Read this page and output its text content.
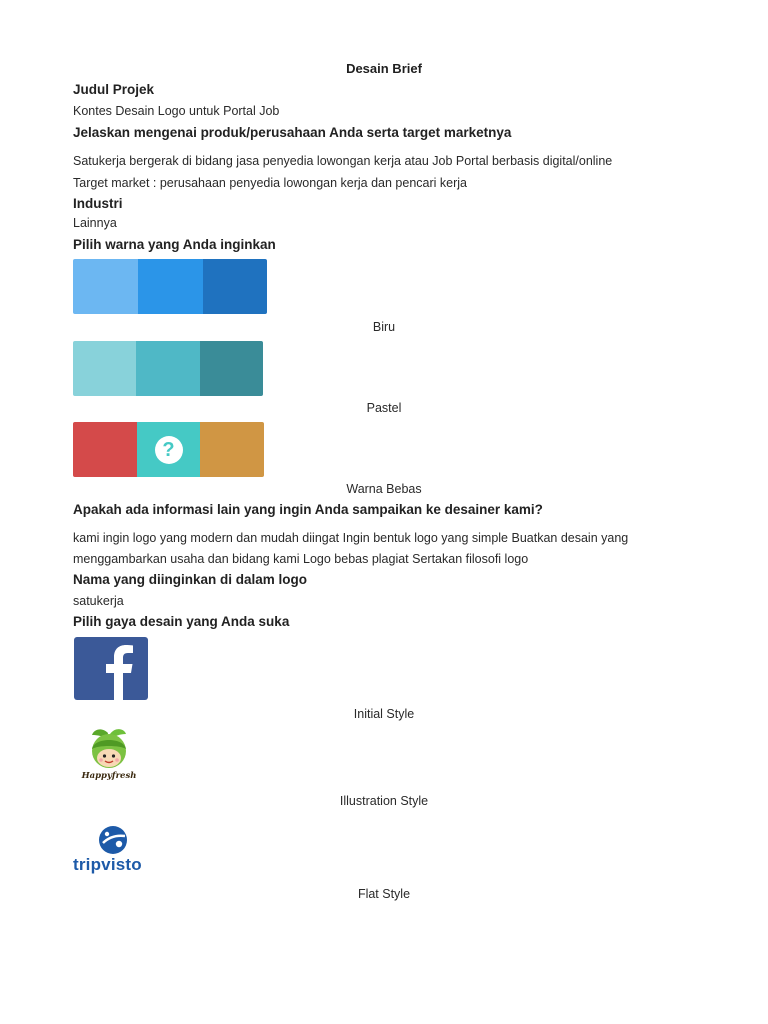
Desain Brief
Judul Projek
Kontes Desain Logo untuk Portal Job
Jelaskan mengenai produk/perusahaan Anda serta target marketnya
Satukerja bergerak di bidang jasa penyedia lowongan kerja atau Job Portal berbasis digital/online
Target market : perusahaan penyedia lowongan kerja dan pencari kerja
Industri
Lainnya
Pilih warna yang Anda inginkan
Biru
Pastel
?
Warna Bebas
Apakah ada informasi lain yang ingin Anda sampaikan ke desainer kami?
kami ingin logo yang modern dan mudah diingat Ingin bentuk logo yang simple Buatkan desain yang
menggambarkan usaha dan bidang kami Logo bebas plagiat Sertakan filosofi logo
Nama yang diinginkan di dalam logo
satukerja
Pilih gaya desain yang Anda suka
Initial Style
Happyfresh
Illustration Style
tripvisto
Flat Style
